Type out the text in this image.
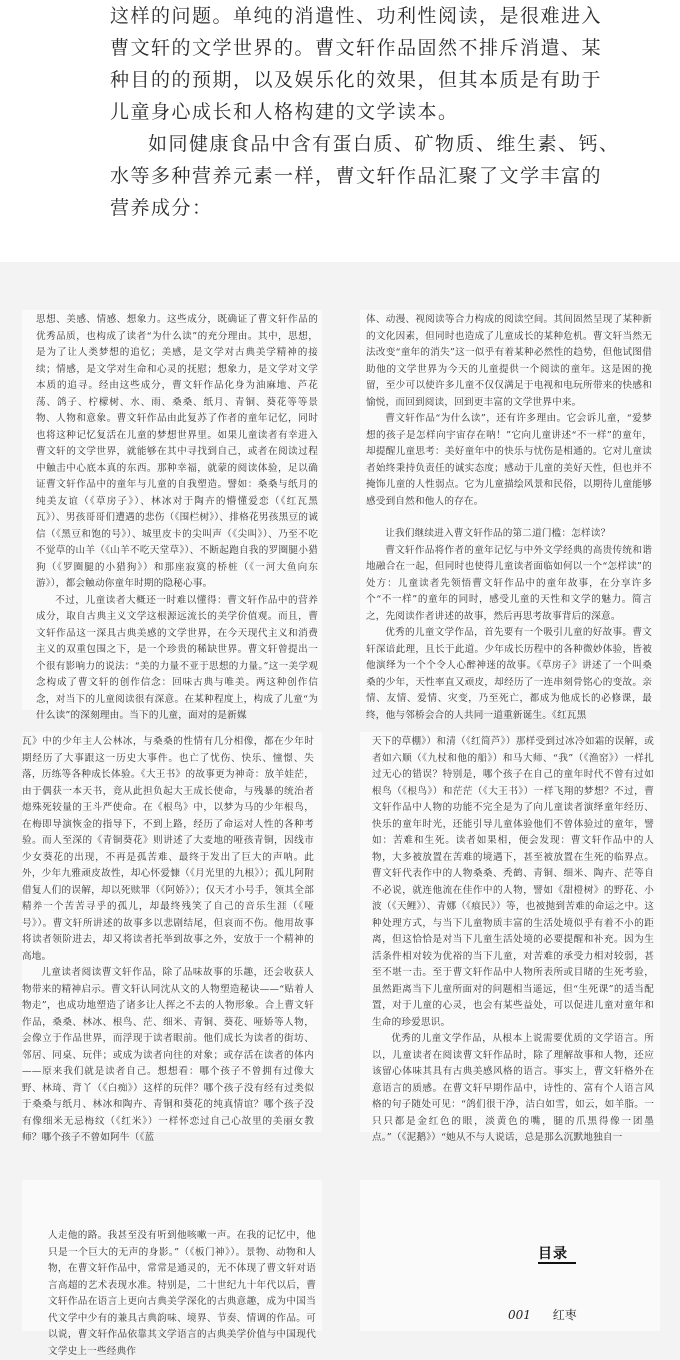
这样的问题。单纯的消遣性、功利性阅读，是很难进入曹文轩的文学世界的。曹文轩作品固然不排斥消遣、某种目的的预期，以及娱乐化的效果，但其本质是有助于儿童身心成长和人格构建的文学读本。

如同健康食品中含有蛋白质、矿物质、维生素、钙、水等多种营养元素一样，曹文轩作品汇聚了文学丰富的营养成分：

思想、美感、情感、想象力。这些成分，既确证了曹文轩作品的优秀品质，也构成了读者“为什么读”的充分理由。其中，思想，是为了让人类梦想的追忆；美感，是文学对古典美学精神的接续；情感，是文学对生命和心灵的抚慰；想象力，是文学对文学本质的追寻。经由这些成分，曹文轩作品化身为油麻地、芦花荡、鸽子、柠檬树、水、雨、桑桑、纸月、青铜、葵花等等景物、人物和意象。曹文轩作品由此复苏了作者的童年记忆，同时也将这种记忆复活在儿童的梦想世界里。如果儿童读者有幸进入曹文轩的文学世界，就能够在其中寻找到自己，或者在阅读过程中触击中心底本真的东西。那种幸福，就蒙的阅读体验，足以确证曹文轩作品中的童年与儿童的自我塑造。譬如：桑桑与纸月的纯美友谊（《草房子》）、林冰对于陶卉的懵懂爱恋（《红瓦黑瓦》）、男孩哥哥们遭遇的悲伤（《围栏树》）、排格花男孩黑豆的诚信（《黑豆和饱的号》）、城里皮卡的尖叫声（《尖叫》）、乃至不吃不觉草的山羊（《山羊不吃天堂草》）、不断起跑自我的罗圈腿小猎狗（《罗圈腿的小猎狗》）和那座寂寞的桥桩（《一河大鱼向东游》），都会触动你童年时期的隐秘心事。

不过，儿童读者大概还一时难以懂得：曹文轩作品中的营养成分，取自古典主义文学这根源远流长的美学价值观。而且，曹文轩作品这一深具古典美感的文学世界，在今天现代主义和消费主义的双重包围之下，是一个珍贵的稀缺世界。曹文轩曾提出一个很有影响力的说法：“美的力量不亚于思想的力量。”这一美学观念构成了曹文轩的创作信念：回味古典与唯美。两这种创作信念，对当下的儿童阅读很有深意。在某种程度上，构成了儿童“为什么读”的深刻理由。当下的儿童，面对的是新媒

体、动漫、视阅读等合力构成的阅读空间。其间固然呈现了某种新的文化因素，但同时也造成了儿童成长的某种危机。曹文轩当然无法改变“童年的消失”这一似乎有着某种必然性的趋势，但他试图借助他的文学世界为今天的儿童提供一个阅读的童年。这是困的挽留，至少可以使许多儿童不仅仅满足于电视和电玩所带来的快感和愉悦，而回到阅读，回到更丰富的文学世界中来。

曹文轩作品“为什么读”，还有许多理由。它会诉儿童，“爱梦想的孩子是怎样向宇宙存在呐！”它向儿童讲述“不一样”的童年，却提醒儿童思考：美好童年中的快乐与忧伤是相通的。它对儿童读者始终秉持负责任的诚实态度；感动于儿童的美好天性，但也并不掩饰儿童的人性弱点。它为儿童描绘风景和民俗，以期待儿童能够感受到自然和他人的存在。

让我们继续进入曹文轩作品的第二道门槛：怎样读？

曹文轩作品将作者的童年记忆与中外文学经典的高贵传统和谐地融合在一起，但同时也使得儿童读者面临如何以一个“怎样读”的处方：儿童读者先领悟曹文轩作品中的童年故事，在分享许多个“不一样”的童年的同时，感受儿童的天性和文学的魅力。简言之，先阅读作者讲述的故事，然后再思考故事背后的深意。

优秀的儿童文学作品，首先要有一个吸引儿童的好故事。曹文轩深谙此理，且长于此道。少年成长历程中的各种微妙体验，皆被他演绎为一个个令人心醉神迷的故事。《草房子》讲述了一个叫桑桑的少年，天性率直又顽皮，却经历了一连串刻骨铭心的变故。亲情、友情、爱情、灾变，乃至死亡，都成为他成长的必修课，最终，他与邻桥会合的人共同一道重新诞生。《红瓦黑

瓦》中的少年主人公林冰，与桑桑的性情有几分相像，都在少年时期经历了大事跟这一历史大事件。也亡了忧伤、快乐、憧憬、失落，历练等各种成长体验。《大王书》的故事更为神奇：放羊娃茫，由于偶获一本天书，竟从此担负起大王成长使命，与残暴的统治者熄殊死较量的王斗严使命。在《根鸟》中，以梦为马的少年根鸟，在梅即导演恢金的指导下，不到上路，经历了命运对人性的各种考验。而人至深的《青铜葵花》则讲述了大麦地的哑孩青铜，因线市少女葵花的出现，不再是孤苦难、最终于发出了巨大的声呐。此外，少年九雅顽皮故性，却心怀爱慷（《月光里的九根》）；孤儿阿附借复人们的误解，却以死赎罪（《阿娇》）；仅天才小号手，领其全部精养一个苦苦寻乎的孤儿，却最终残笑了自己的音乐生涯（《哑号》）。曹文轩所讲述的故事多以悲剧结尾，但哀而不伤。他用故事将读者领阶进去，却又将读者托举到故事之外，安放于一个精神的高地。

儿童读者阅读曹文轩作品，除了品味故事的乐趣，还会收获人物带来的精神启示。曹文轩认同沈从文的人物塑造秘诀——“贴着人物走”，也成功地塑造了诸多让人挥之不去的人物形象。合上曹文轩作品，桑桑、林冰、根鸟、茫、细米、青铜、葵花、哑娇等人物，会像立于作品世界，而浮现于读者眼前。他们成长为读者的街坊、邻居、同桌、玩伴；或成为读者向往的对象；或存活在读者的体内——原来我们就是读者自己。想想看：哪个孩子不曾拥有过像大野、林琦、背丫（《白痴》）这样的玩伴？哪个孩子没有经有过类似于桑桑与纸月、林冰和陶卉、青铜和葵花的纯真情谊？哪个孩子没有像细米无忌梅纹（《红米》）一样怀恋过自己心故里的美丽女教师？哪个孩子不曾如阿牛（《蓝

天下的草棚》）和清（《红简芦》）那样受到过冰冷如霜的误解，或者如六顺（《九杖和他的船》）和马大师、“我”（《渔窑》）一样扎过无心的错误？特别是，哪个孩子在自己的童年时代不曾有过如根鸟（《根鸟》）和茫茫（《大王书》）一样飞翔的梦想？不过，曹文轩作品中人物的功能不完全是为了向儿童读者演绎童年经历、快乐的童年时光，还能引导儿童体验他们不曾体验过的童年，譬如：苦难和生死。读者如果相，便会发现：曹文轩作品中的人物，大多被放置在苦难的境遇下，甚至被放置在生死的临界点。曹文轩代表作中的人物桑桑、秃鹤、青铜、细米、陶卉、茫等自不必说，就连他流在佳作中的人物，譬如《甜橙树》的野花、小波（《天鲤》）、青娜（《痕民》）等，也被抛到苦难的命运之中。这种处理方式，与当下儿童物质丰富的生活处境似乎有着不小的距离，但这恰恰是对当下儿童生活处境的必要提醒和补充。因为生活条件相对较为优裕的当下儿童，对苦难的承受力相对较弱，甚至不堪一击。至于曹文轩作品中人物所表所或目睹的生死考验，虽然距离当下儿童所面对的问题相当遥远，但“生死课”的适当配置，对于儿童的心灵，也会有某些益处，可以促进儿童对童年和生命的珍爱思识。

优秀的儿童文学作品，从根本上说需要优质的文学语言。所以，儿童读者在阅读曹文轩作品时，除了理解故事和人物，还应该留心体味其具有古典美感风格的语言。事实上，曹文轩格外在意语言的质感。在曹文轩早期作品中，诗性的、富有个人语言风格的句子随处可见：“鸽们很干净，洁白如雪，如云，如羊脂。一只只都是金红色的眼，淡黄色的嘴，腿的爪黑得像一团墨点。”（《泥鹅》）“她从不与人说话，总是那么沉默地独自一

人走他的路。我甚至没有听到他咳嗽一声。在我的记忆中，他只是一个巨大的无声的身影。”（《板门神》）。景物、动物和人物，在曹文轩作品中，常常是通灵的，无不体现了曹文轩对语言高超的艺术表现水准。特别是，二十世纪九十年代以后，曹文轩作品在语言上更向古典美学深化的古典意趣，成为中国当代文学中少有的兼具古典韵味、境界、节奏、情调的作品。可以说，曹文轩作品依靠其文学语言的古典美学价值与中国现代文学史上一些经典作

目录
001 红枣
